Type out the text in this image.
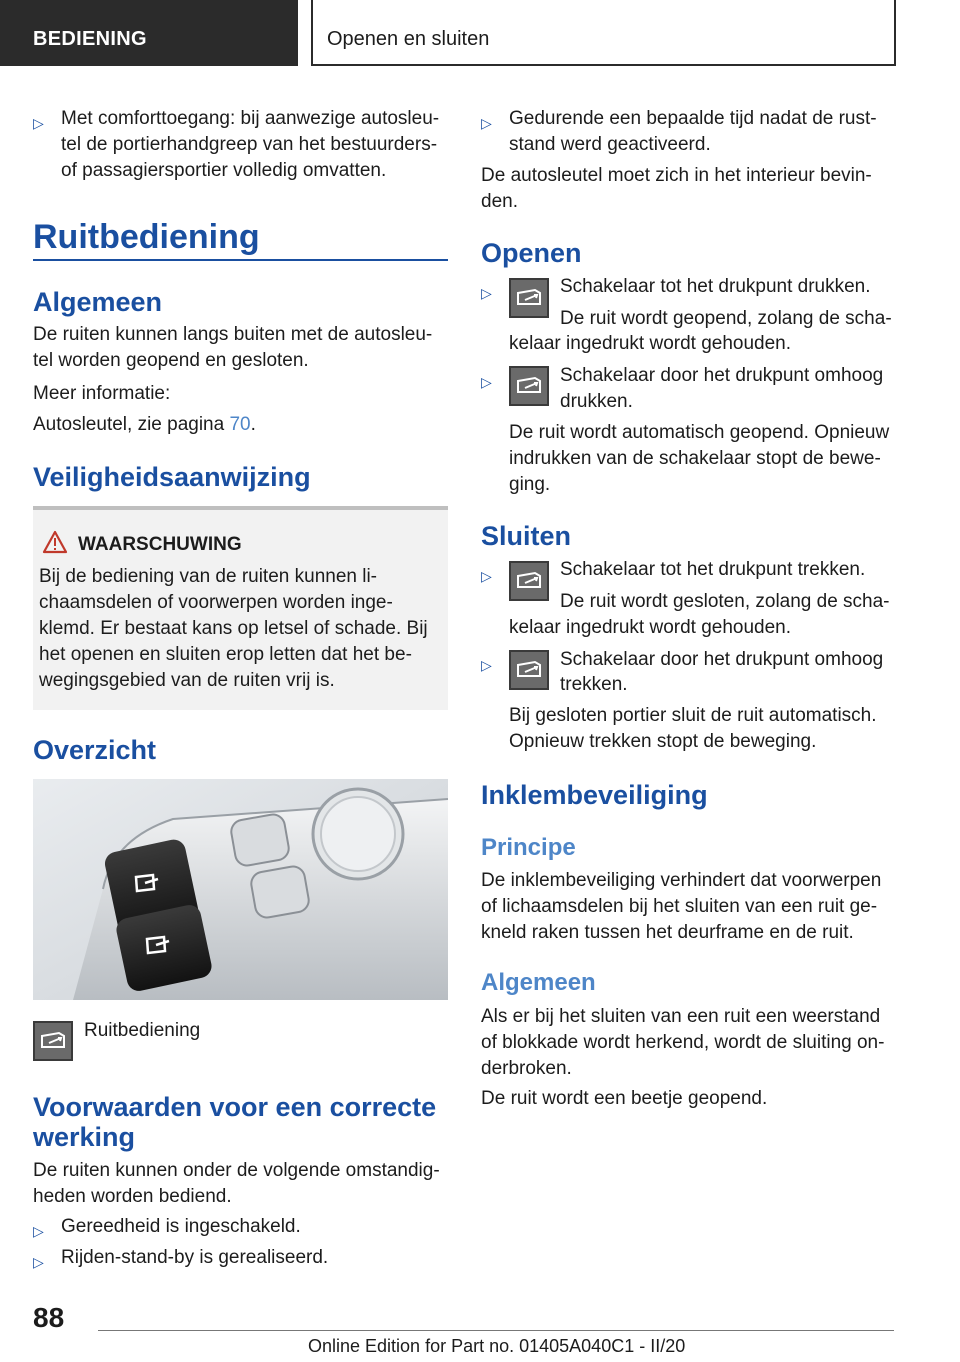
BEDIENING	Openen en sluiten
▷ Met comforttoegang: bij aanwezige autosleu-
tel de portierhandgreep van het bestuurders-
of passagiersportier volledig omvatten.
Ruitbediening
Algemeen
De ruiten kunnen langs buiten met de autosleu-
tel worden geopend en gesloten.
Meer informatie:
Autosleutel, zie pagina 70.
Veiligheidsaanwijzing
WAARSCHUWING
Bij de bediening van de ruiten kunnen li-
chaamsdelen of voorwerpen worden inge-
klemd. Er bestaat kans op letsel of schade. Bij
het openen en sluiten erop letten dat het be-
wegingsgebied van de ruiten vrij is.
Overzicht
Ruitbediening
Voorwaarden voor een correcte
werking
De ruiten kunnen onder de volgende omstandig-
heden worden bediend.
▷ Gereedheid is ingeschakeld.
▷ Rijden-stand-by is gerealiseerd.
▷ Gedurende een bepaalde tijd nadat de rust-
stand werd geactiveerd.
De autosleutel moet zich in het interieur bevin-
den.
Openen
▷	Schakelaar tot het drukpunt drukken.
De ruit wordt geopend, zolang de scha-
kelaar ingedrukt wordt gehouden.
▷	Schakelaar door het drukpunt omhoog
drukken.
De ruit wordt automatisch geopend. Opnieuw
indrukken van de schakelaar stopt de bewe-
ging.
Sluiten
▷	Schakelaar tot het drukpunt trekken.
De ruit wordt gesloten, zolang de scha-
kelaar ingedrukt wordt gehouden.
▷	Schakelaar door het drukpunt omhoog
trekken.
Bij gesloten portier sluit de ruit automatisch.
Opnieuw trekken stopt de beweging.
Inklembeveiliging
Principe
De inklembeveiliging verhindert dat voorwerpen
of lichaamsdelen bij het sluiten van een ruit ge-
kneld raken tussen het deurframe en de ruit.
Algemeen
Als er bij het sluiten van een ruit een weerstand
of blokkade wordt herkend, wordt de sluiting on-
derbroken.
De ruit wordt een beetje geopend.
88
Online Edition for Part no. 01405A040C1 - II/20
